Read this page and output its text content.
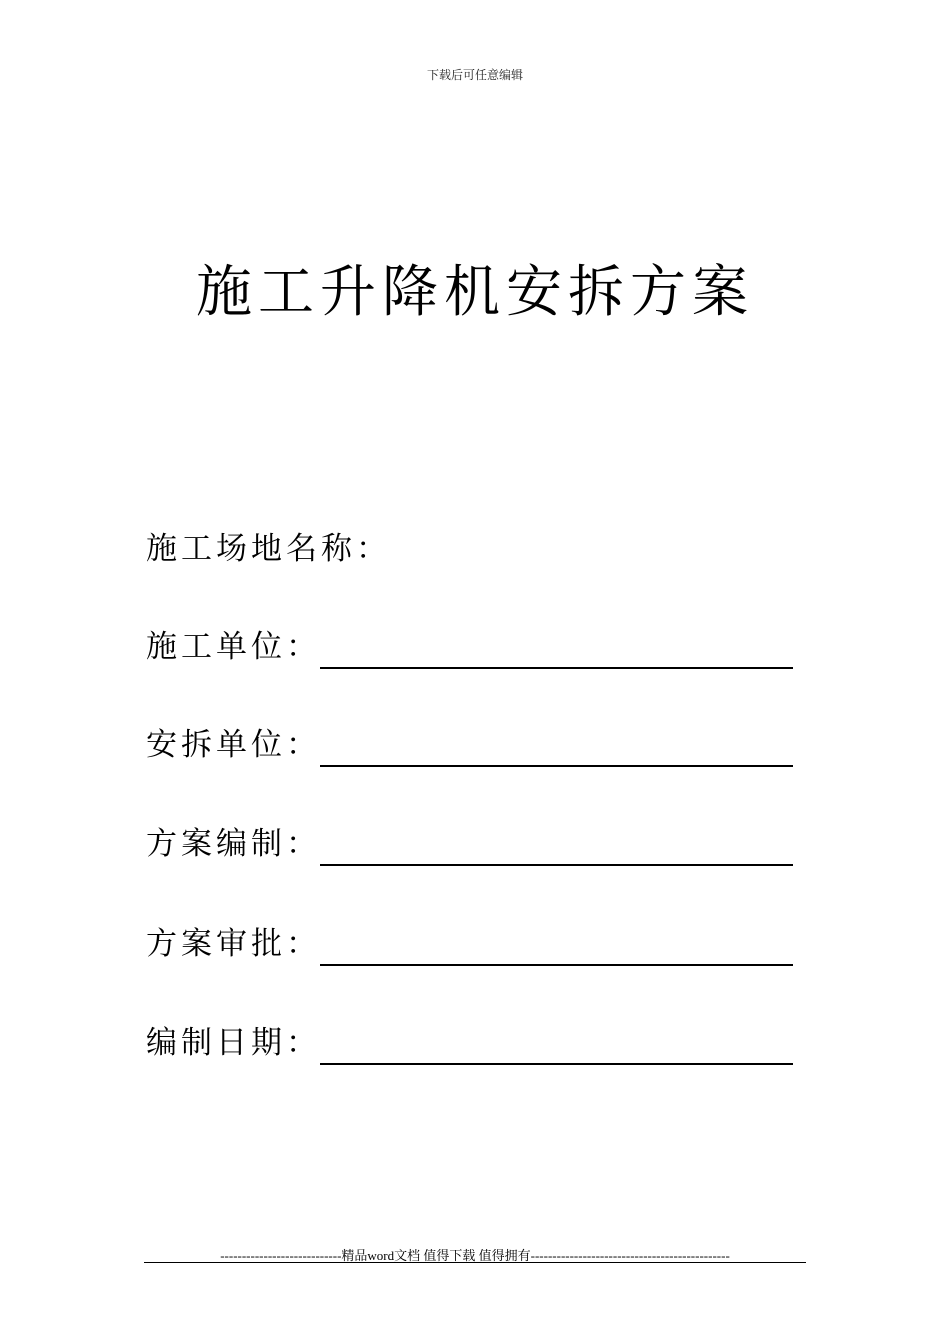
下载后可任意编辑
施工升降机安拆方案
施工场地名称：
施工单位：
安拆单位：
方案编制：
方案审批：
编制日期：
----------------------------精品word文档 值得下载 值得拥有----------------------------------------------
